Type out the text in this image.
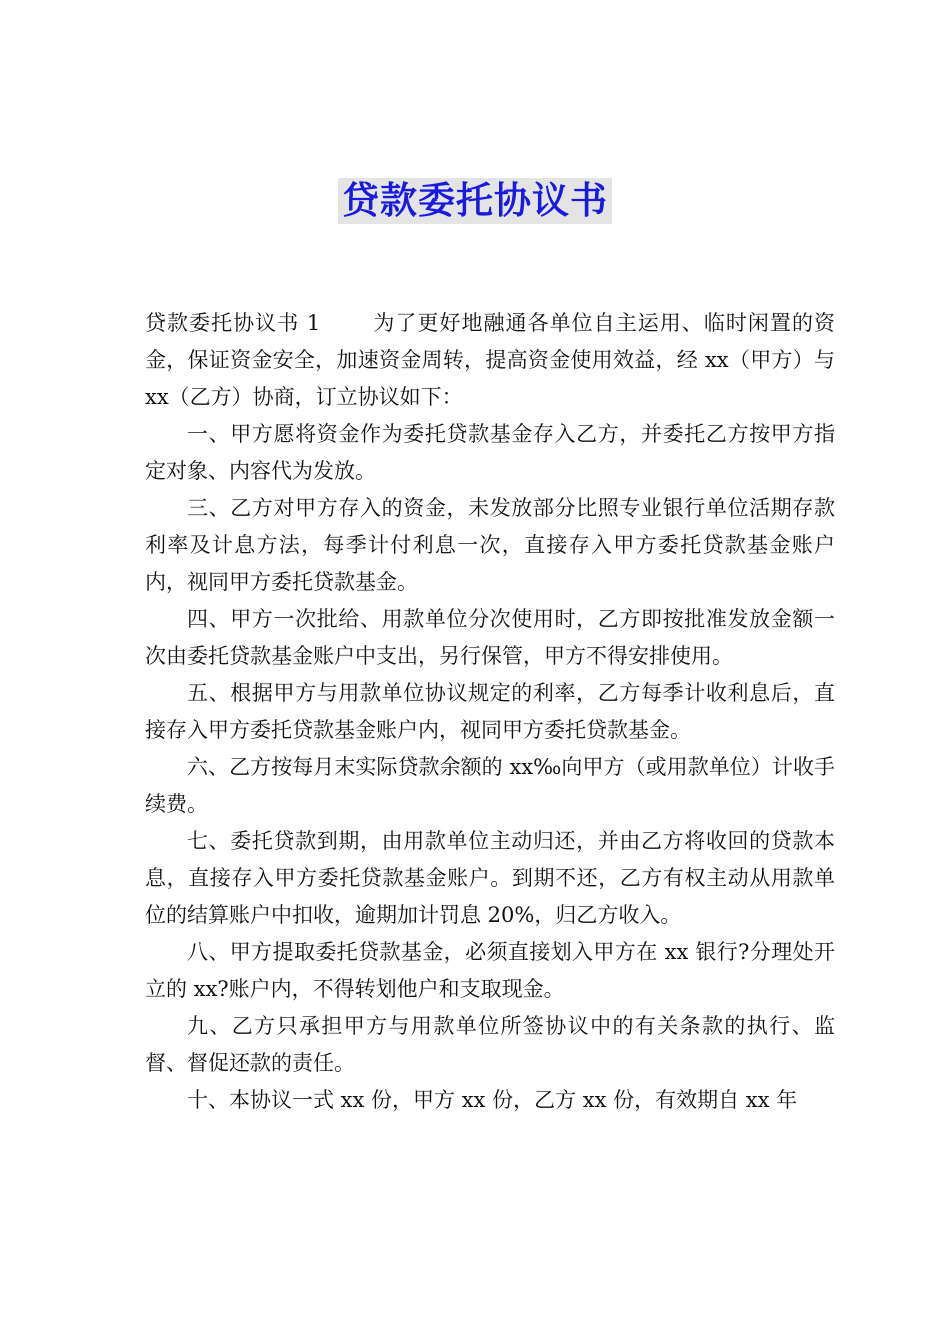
贷款委托协议书

贷款委托协议书 1 为了更好地融通各单位自主运用、临时闲置的资金，保证资金安全，加速资金周转，提高资金使用效益，经 xx（甲方）与 xx（乙方）协商，订立协议如下：

一、甲方愿将资金作为委托贷款基金存入乙方，并委托乙方按甲方指定对象、内容代为发放。

三、乙方对甲方存入的资金，未发放部分比照专业银行单位活期存款利率及计息方法，每季计付利息一次，直接存入甲方委托贷款基金账户内，视同甲方委托贷款基金。

四、甲方一次批给、用款单位分次使用时，乙方即按批准发放金额一次由委托贷款基金账户中支出，另行保管，甲方不得安排使用。

五、根据甲方与用款单位协议规定的利率，乙方每季计收利息后，直接存入甲方委托贷款基金账户内，视同甲方委托贷款基金。

六、乙方按每月末实际贷款余额的 xx‰向甲方（或用款单位）计收手续费。

七、委托贷款到期，由用款单位主动归还，并由乙方将收回的贷款本息，直接存入甲方委托贷款基金账户。到期不还，乙方有权主动从用款单位的结算账户中扣收，逾期加计罚息 20%，归乙方收入。

八、甲方提取委托贷款基金，必须直接划入甲方在 xx 银行?分理处开立的 xx?账户内，不得转划他户和支取现金。

九、乙方只承担甲方与用款单位所签协议中的有关条款的执行、监督、督促还款的责任。

十、本协议一式 xx 份，甲方 xx 份，乙方 xx 份，有效期自 xx 年
